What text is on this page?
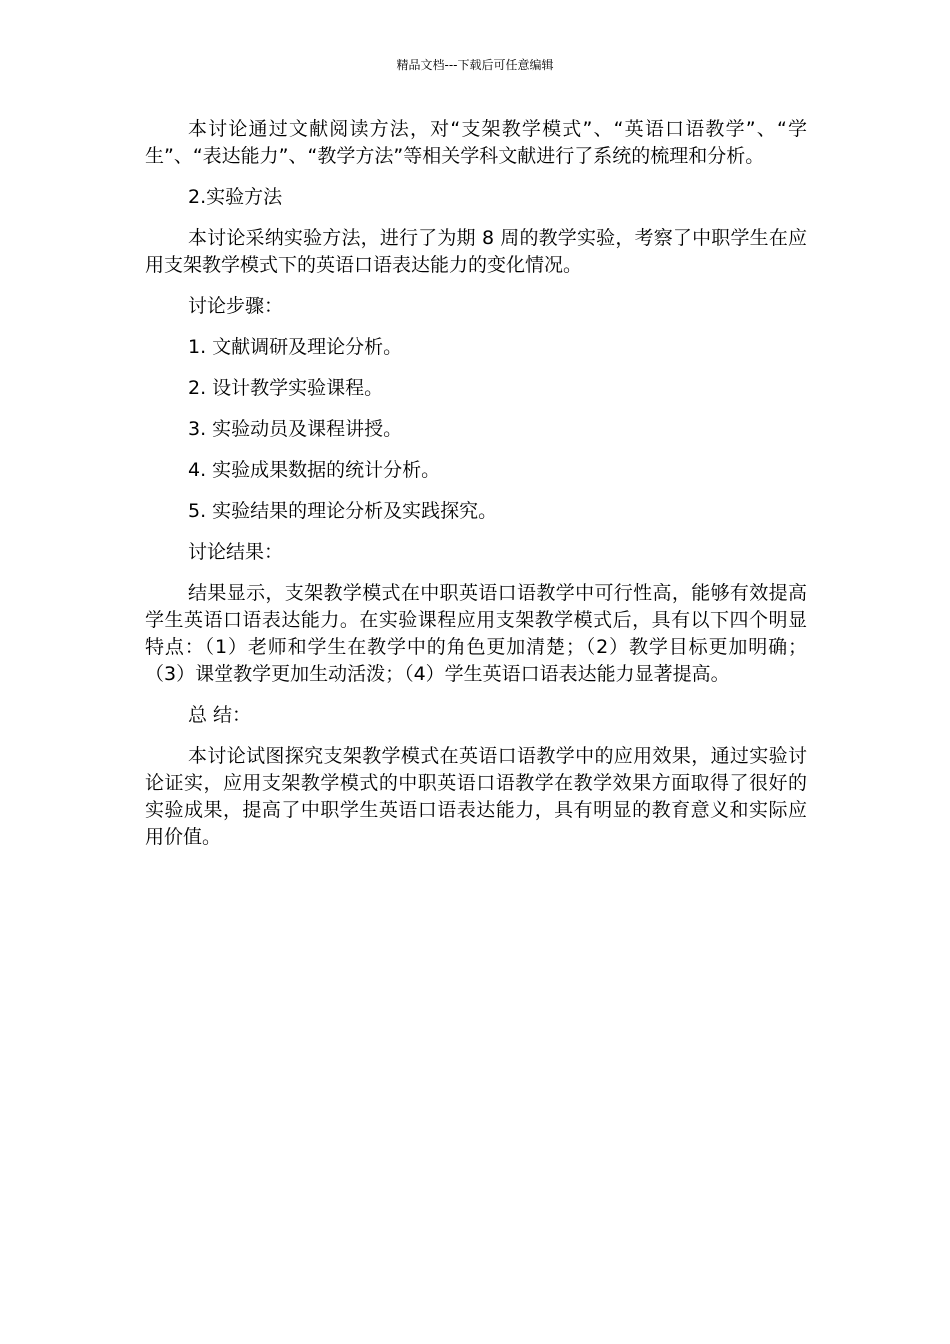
精品文档---下载后可任意编辑

本讨论通过文献阅读方法，对“支架教学模式”、“英语口语教学”、“学生”、“表达能力”、“教学方法”等相关学科文献进行了系统的梳理和分析。

2.实验方法

本讨论采纳实验方法，进行了为期 8 周的教学实验，考察了中职学生在应用支架教学模式下的英语口语表达能力的变化情况。

讨论步骤：

1. 文献调研及理论分析。

2. 设计教学实验课程。

3. 实验动员及课程讲授。

4. 实验成果数据的统计分析。

5. 实验结果的理论分析及实践探究。

讨论结果：

结果显示，支架教学模式在中职英语口语教学中可行性高，能够有效提高学生英语口语表达能力。在实验课程应用支架教学模式后，具有以下四个明显特点：（1）老师和学生在教学中的角色更加清楚；（2）教学目标更加明确；（3）课堂教学更加生动活泼；（4）学生英语口语表达能力显著提高。

总 结：

本讨论试图探究支架教学模式在英语口语教学中的应用效果，通过实验讨论证实，应用支架教学模式的中职英语口语教学在教学效果方面取得了很好的实验成果，提高了中职学生英语口语表达能力，具有明显的教育意义和实际应用价值。
